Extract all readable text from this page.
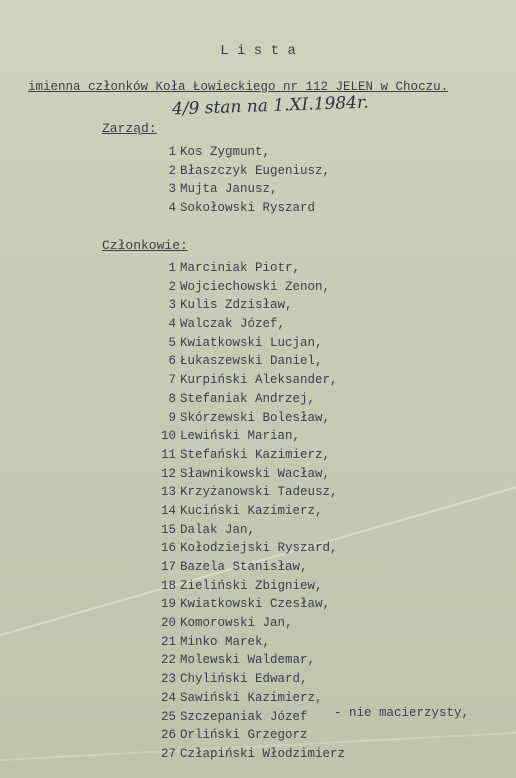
L i s t a
imienna członków Koła Łowieckiego nr 112 JELEN w Choczu.
4/9 stan na 1.XI.1984r.
Zarząd:
1 Kos Zygmunt,
2 Błaszczyk Eugeniusz,
3 Mujta Janusz,
4 Sokołowski Ryszard
Członkowie:
1 Marciniak Piotr,
2 Wojciechowski Zenon,
3 Kulis Zdzisław,
4 Walczak Józef,
5 Kwiatkowski Lucjan,
6 Łukaszewski Daniel,
7 Kurpiński Aleksander,
8 Stefaniak Andrzej,
9 Skórzewski Bolesław,
10 Lewiński Marian,
11 Stefański Kazimierz,
12 Sławnikowski Wacław,
13 Krzyżanowski Tadeusz,
14 Kuciński Kazimierz,
15 Dalak Jan,
16 Kołodziejski Ryszard,
17 Bazela Stanisław,
18 Zieliński Zbigniew,
19 Kwiatkowski Czesław,
20 Komorowski Jan,
21 Minko Marek,
22 Molewski Waldemar,
23 Chyliński Edward,
24 Sawiński Kazimierz,
25 Szczepaniak Józef
26 Orliński Grzegorz
27 Człapiński Włodzimierz
- nie macierzysty,
